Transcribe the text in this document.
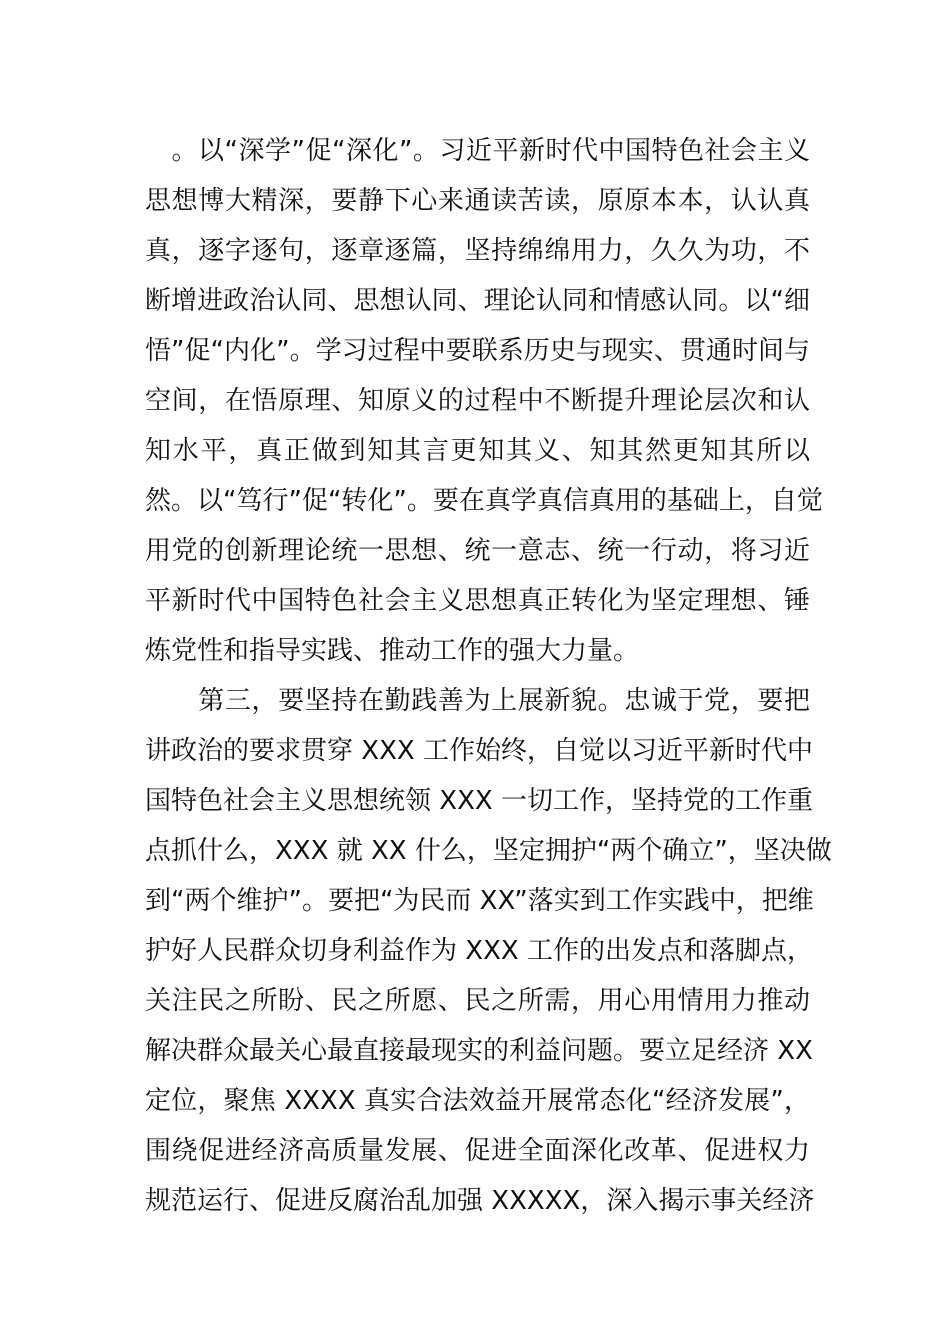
　。以“深学”促“深化”。习近平新时代中国特色社会主义
思想博大精深，要静下心来通读苦读，原原本本，认认真
真，逐字逐句，逐章逐篇，坚持绵绵用力，久久为功，不
断增进政治认同、思想认同、理论认同和情感认同。以“细
悟”促“内化”。学习过程中要联系历史与现实、贯通时间与
空间，在悟原理、知原义的过程中不断提升理论层次和认
知水平，真正做到知其言更知其义、知其然更知其所以
然。以“笃行”促“转化”。要在真学真信真用的基础上，自觉
用党的创新理论统一思想、统一意志、统一行动，将习近
平新时代中国特色社会主义思想真正转化为坚定理想、锤
炼党性和指导实践、推动工作的强大力量。
　　第三，要坚持在勤践善为上展新貌。忠诚于党，要把
讲政治的要求贯穿 XXX 工作始终，自觉以习近平新时代中
国特色社会主义思想统领 XXX 一切工作，坚持党的工作重
点抓什么，XXX 就 XX 什么，坚定拥护“两个确立”，坚决做
到“两个维护”。要把“为民而 XX”落实到工作实践中，把维
护好人民群众切身利益作为 XXX 工作的出发点和落脚点，
关注民之所盼、民之所愿、民之所需，用心用情用力推动
解决群众最关心最直接最现实的利益问题。要立足经济 XX
定位，聚焦 XXXX 真实合法效益开展常态化“经济发展”，
围绕促进经济高质量发展、促进全面深化改革、促进权力
规范运行、促进反腐治乱加强 XXXXX，深入揭示事关经济
